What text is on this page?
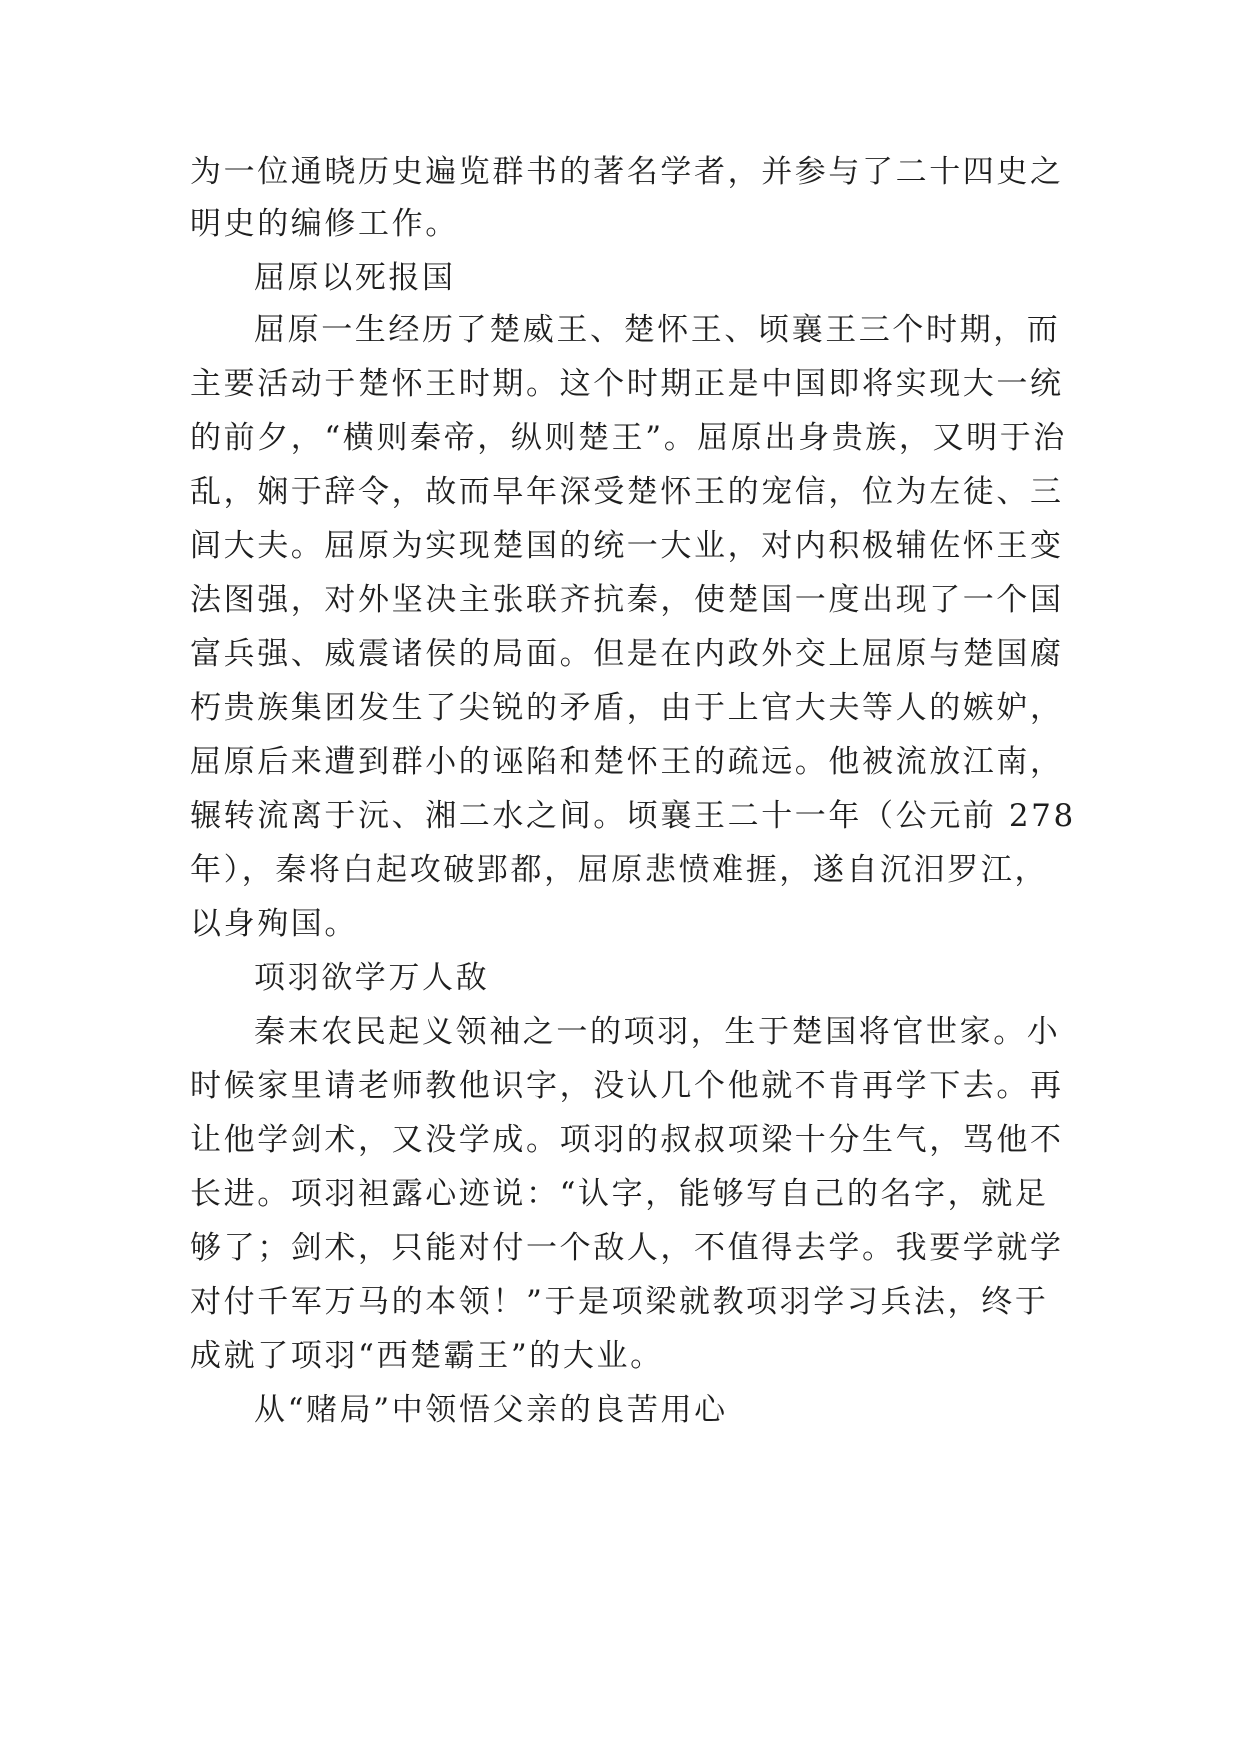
为一位通晓历史遍览群书的著名学者，并参与了二十四史之
明史的编修工作。
屈原以死报国
屈原一生经历了楚威王、楚怀王、顷襄王三个时期，而
主要活动于楚怀王时期。这个时期正是中国即将实现大一统
的前夕，“横则秦帝，纵则楚王”。屈原出身贵族，又明于治
乱，娴于辞令，故而早年深受楚怀王的宠信，位为左徒、三
闾大夫。屈原为实现楚国的统一大业，对内积极辅佐怀王变
法图强，对外坚决主张联齐抗秦，使楚国一度出现了一个国
富兵强、威震诸侯的局面。但是在内政外交上屈原与楚国腐
朽贵族集团发生了尖锐的矛盾，由于上官大夫等人的嫉妒，
屈原后来遭到群小的诬陷和楚怀王的疏远。他被流放江南，
辗转流离于沅、湘二水之间。顷襄王二十一年（公元前 278
年），秦将白起攻破郢都，屈原悲愤难捱，遂自沉汨罗江，
以身殉国。
项羽欲学万人敌
秦末农民起义领袖之一的项羽，生于楚国将官世家。小
时候家里请老师教他识字，没认几个他就不肯再学下去。再
让他学剑术，又没学成。项羽的叔叔项梁十分生气，骂他不
长进。项羽袒露心迹说：“认字，能够写自己的名字，就足
够了；剑术，只能对付一个敌人，不值得去学。我要学就学
对付千军万马的本领！”于是项梁就教项羽学习兵法，终于
成就了项羽“西楚霸王”的大业。
从“赌局”中领悟父亲的良苦用心
